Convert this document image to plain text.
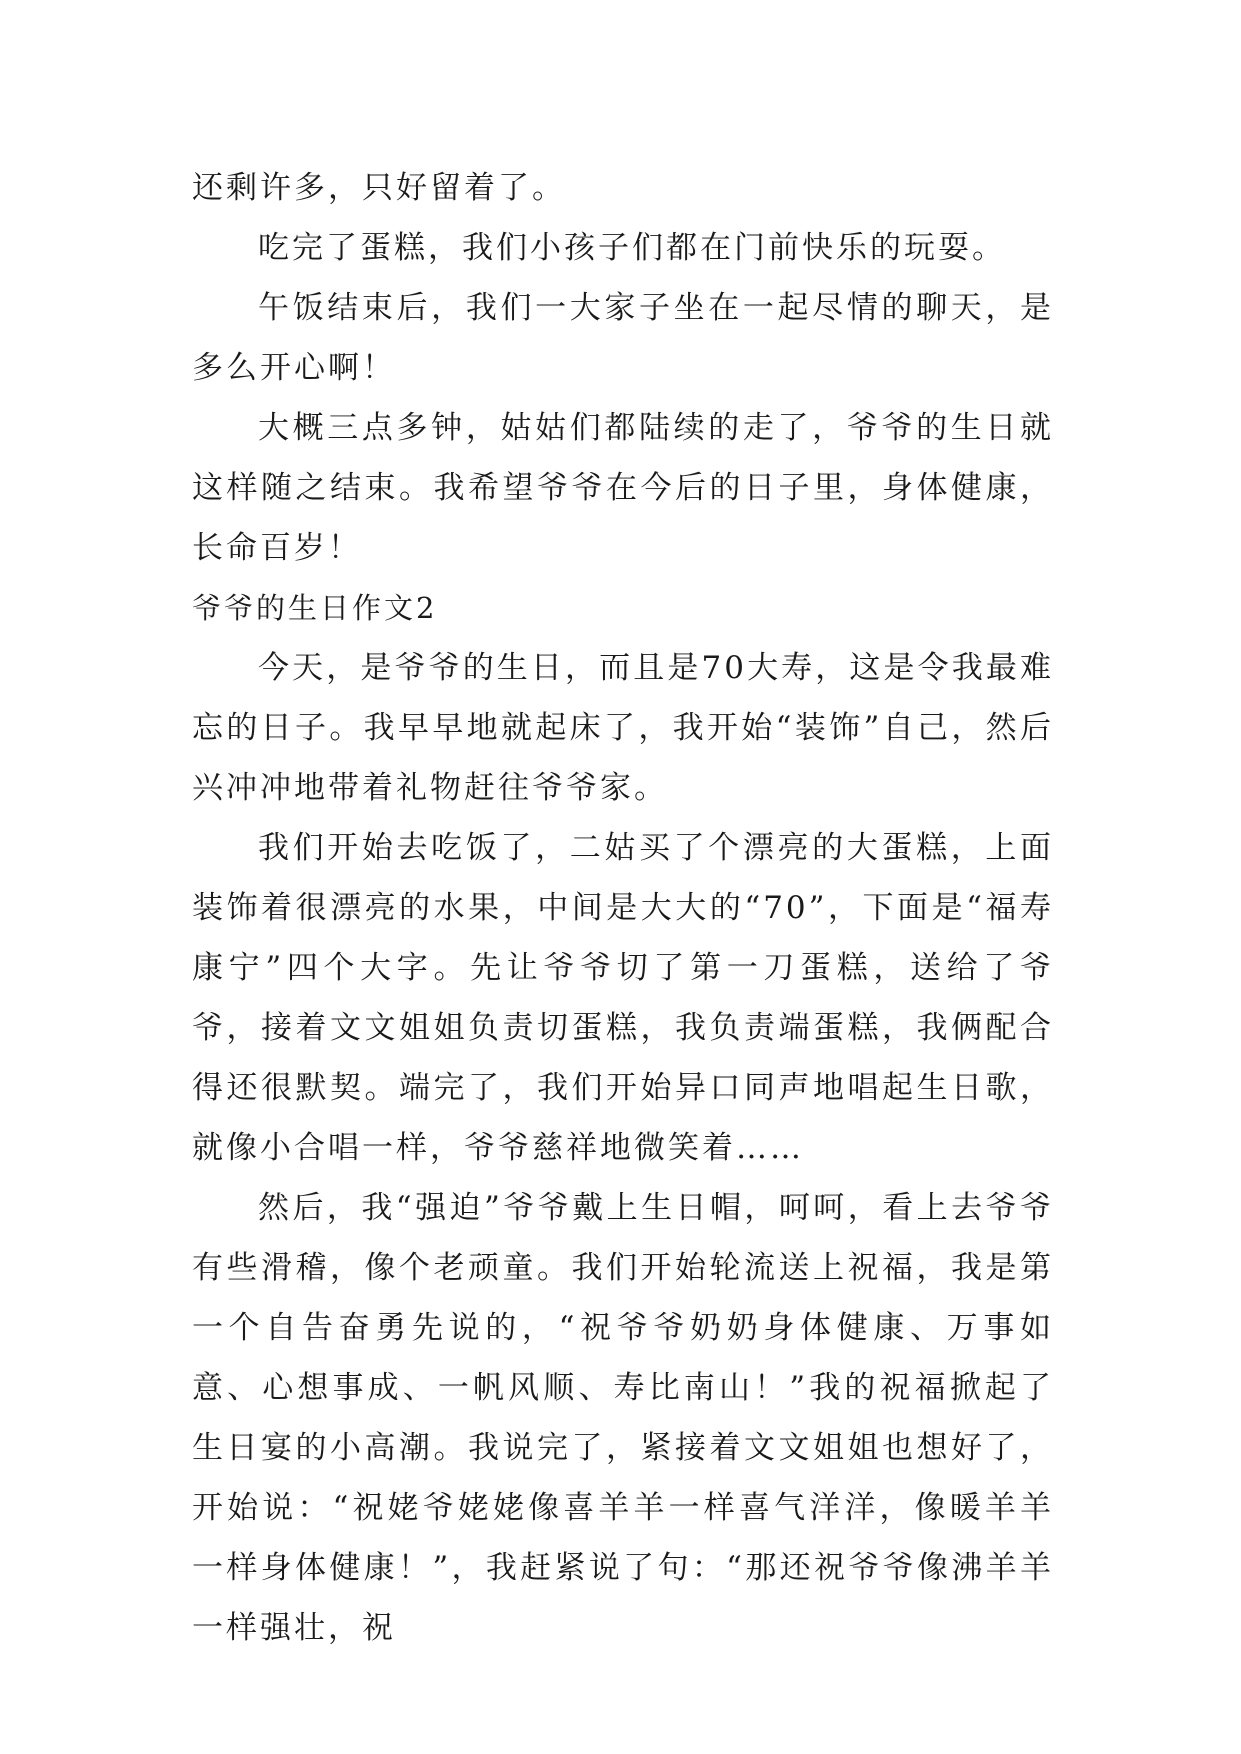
还剩许多，只好留着了。

吃完了蛋糕，我们小孩子们都在门前快乐的玩耍。

午饭结束后，我们一大家子坐在一起尽情的聊天，是多么开心啊！

大概三点多钟，姑姑们都陆续的走了，爷爷的生日就这样随之结束。我希望爷爷在今后的日子里，身体健康，长命百岁！

爷爷的生日作文2

今天，是爷爷的生日，而且是70大寿，这是令我最难忘的日子。我早早地就起床了，我开始“装饰”自己，然后兴冲冲地带着礼物赶往爷爷家。

我们开始去吃饭了，二姑买了个漂亮的大蛋糕，上面装饰着很漂亮的水果，中间是大大的“70”，下面是“福寿康宁”四个大字。先让爷爷切了第一刀蛋糕，送给了爷爷，接着文文姐姐负责切蛋糕，我负责端蛋糕，我俩配合得还很默契。端完了，我们开始异口同声地唱起生日歌，就像小合唱一样，爷爷慈祥地微笑着……

然后，我“强迫”爷爷戴上生日帽，呵呵，看上去爷爷有些滑稽，像个老顽童。我们开始轮流送上祝福，我是第一个自告奋勇先说的，“祝爷爷奶奶身体健康、万事如意、心想事成、一帆风顺、寿比南山！”我的祝福掀起了生日宴的小高潮。我说完了，紧接着文文姐姐也想好了，开始说：“祝姥爷姥姥像喜羊羊一样喜气洋洋，像暖羊羊一样身体健康！”，我赶紧说了句：“那还祝爷爷像沸羊羊一样强壮，祝
